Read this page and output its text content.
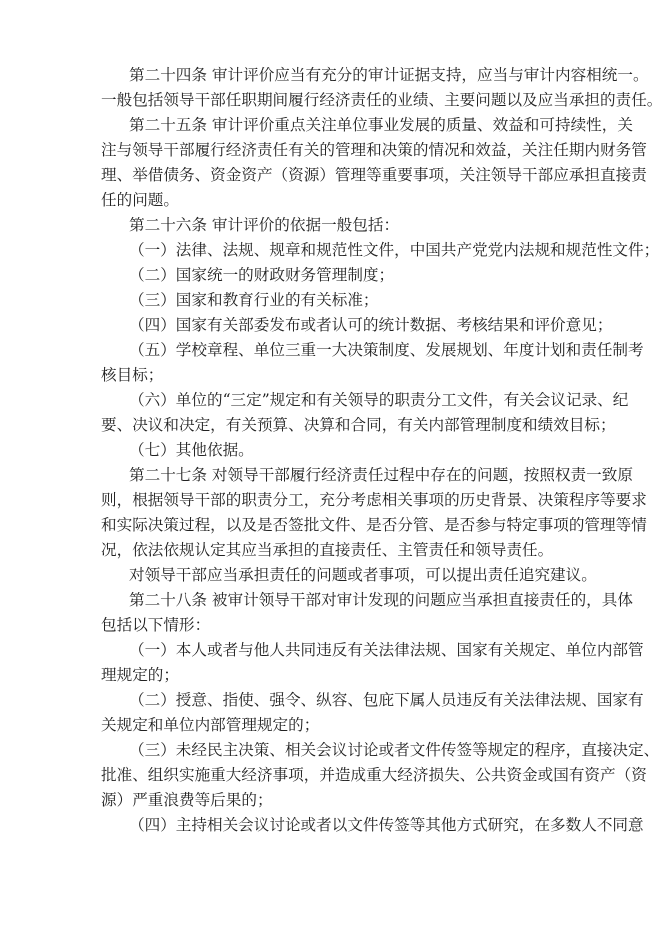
第二十四条 审计评价应当有充分的审计证据支持，应当与审计内容相统一。
一般包括领导干部任职期间履行经济责任的业绩、主要问题以及应当承担的责任。
第二十五条 审计评价重点关注单位事业发展的质量、效益和可持续性，关
注与领导干部履行经济责任有关的管理和决策的情况和效益，关注任期内财务管
理、举借债务、资金资产（资源）管理等重要事项，关注领导干部应承担直接责
任的问题。
第二十六条 审计评价的依据一般包括：
（一）法律、法规、规章和规范性文件，中国共产党党内法规和规范性文件；
（二）国家统一的财政财务管理制度；
（三）国家和教育行业的有关标准；
（四）国家有关部委发布或者认可的统计数据、考核结果和评价意见；
（五）学校章程、单位三重一大决策制度、发展规划、年度计划和责任制考
核目标；
（六）单位的“三定”规定和有关领导的职责分工文件，有关会议记录、纪
要、决议和决定，有关预算、决算和合同，有关内部管理制度和绩效目标；
（七）其他依据。
第二十七条 对领导干部履行经济责任过程中存在的问题，按照权责一致原
则，根据领导干部的职责分工，充分考虑相关事项的历史背景、决策程序等要求
和实际决策过程，以及是否签批文件、是否分管、是否参与特定事项的管理等情
况，依法依规认定其应当承担的直接责任、主管责任和领导责任。
对领导干部应当承担责任的问题或者事项，可以提出责任追究建议。
第二十八条 被审计领导干部对审计发现的问题应当承担直接责任的，具体
包括以下情形：
（一）本人或者与他人共同违反有关法律法规、国家有关规定、单位内部管
理规定的；
（二）授意、指使、强令、纵容、包庇下属人员违反有关法律法规、国家有
关规定和单位内部管理规定的；
（三）未经民主决策、相关会议讨论或者文件传签等规定的程序，直接决定、
批准、组织实施重大经济事项，并造成重大经济损失、公共资金或国有资产（资
源）严重浪费等后果的；
（四）主持相关会议讨论或者以文件传签等其他方式研究，在多数人不同意
